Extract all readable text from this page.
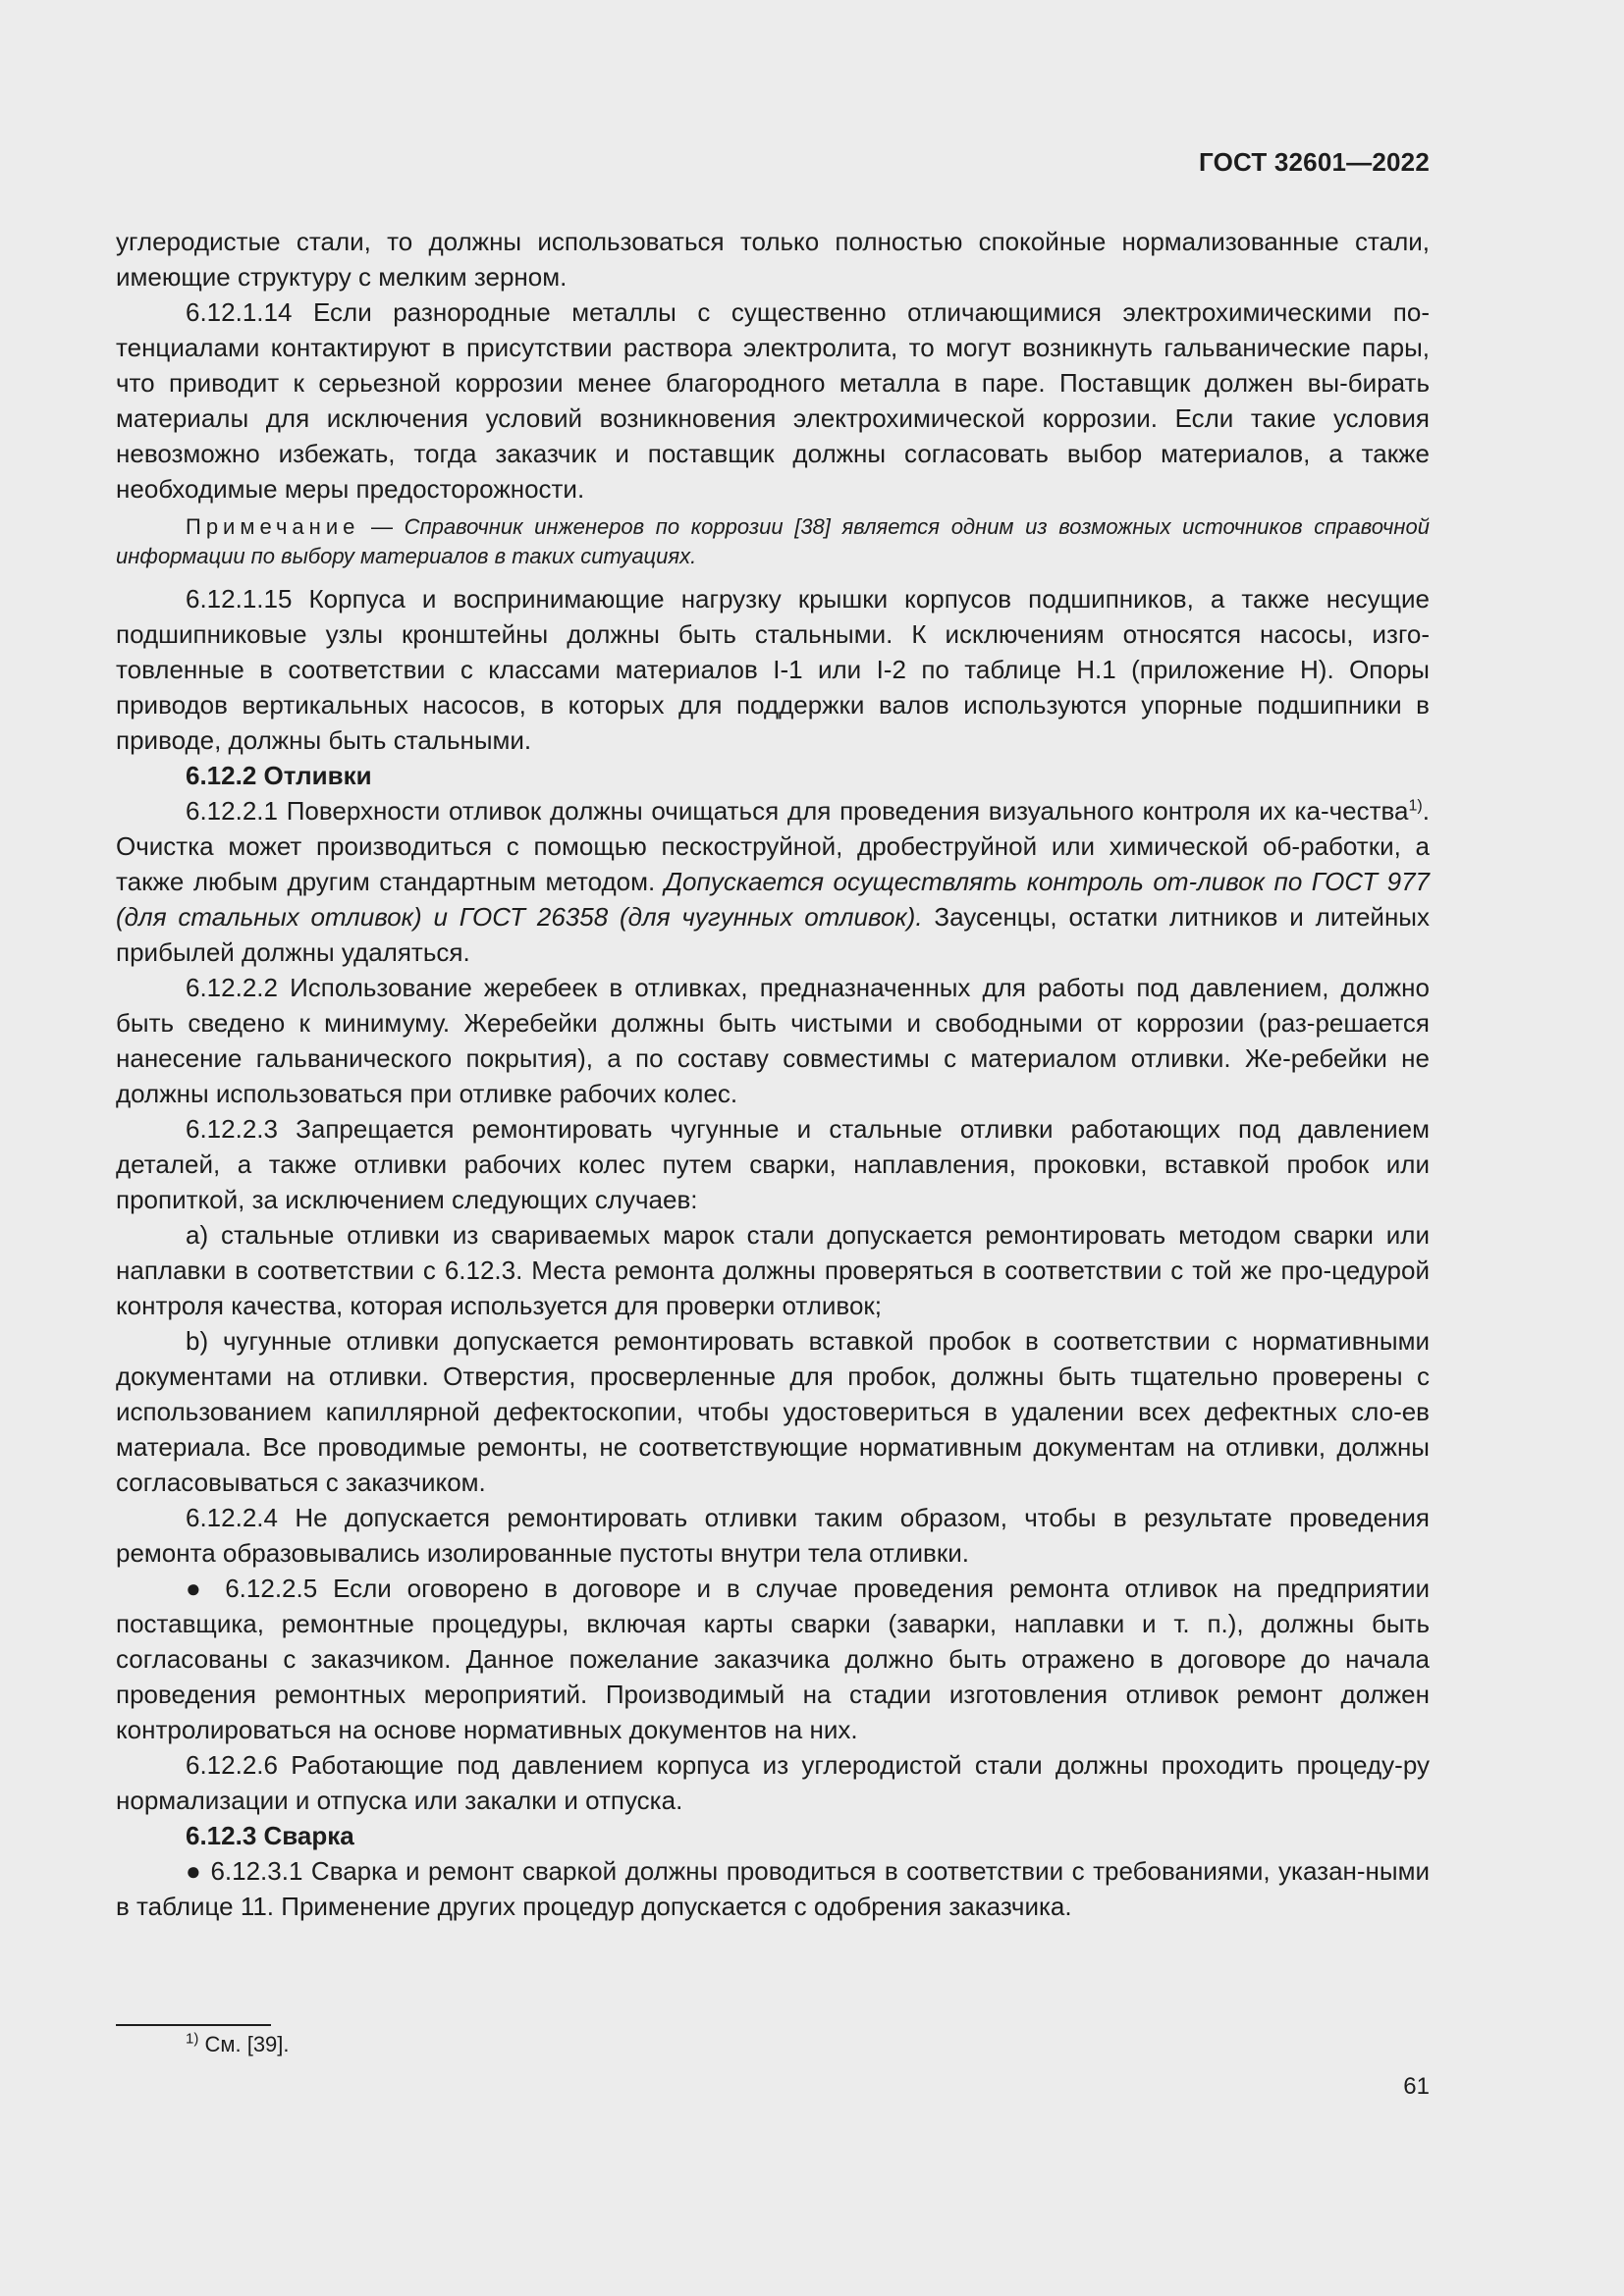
ГОСТ 32601—2022

углеродистые стали, то должны использоваться только полностью спокойные нормализованные стали, имеющие структуру с мелким зерном.

6.12.1.14 Если разнородные металлы с существенно отличающимися электрохимическими по-тенциалами контактируют в присутствии раствора электролита, то могут возникнуть гальванические пары, что приводит к серьезной коррозии менее благородного металла в паре. Поставщик должен вы-бирать материалы для исключения условий возникновения электрохимической коррозии. Если такие условия невозможно избежать, тогда заказчик и поставщик должны согласовать выбор материалов, а также необходимые меры предосторожности.

Примечание — Справочник инженеров по коррозии [38] является одним из возможных источников справочной информации по выбору материалов в таких ситуациях.

6.12.1.15 Корпуса и воспринимающие нагрузку крышки корпусов подшипников, а также несущие подшипниковые узлы кронштейны должны быть стальными. К исключениям относятся насосы, изго-товленные в соответствии с классами материалов I-1 или I-2 по таблице Н.1 (приложение Н). Опоры приводов вертикальных насосов, в которых для поддержки валов используются упорные подшипники в приводе, должны быть стальными.

6.12.2 Отливки

6.12.2.1 Поверхности отливок должны очищаться для проведения визуального контроля их ка-чества$^{1)}$. Очистка может производиться с помощью пескоструйной, дробеструйной или химической об-работки, а также любым другим стандартным методом. Допускается осуществлять контроль от-ливок по ГОСТ 977 (для стальных отливок) и ГОСТ 26358 (для чугунных отливок). Заусенцы, остатки литников и литейных прибылей должны удаляться.

6.12.2.2 Использование жеребеек в отливках, предназначенных для работы под давлением, должно быть сведено к минимуму. Жеребейки должны быть чистыми и свободными от коррозии (раз-решается нанесение гальванического покрытия), а по составу совместимы с материалом отливки. Же-ребейки не должны использоваться при отливке рабочих колес.

6.12.2.3 Запрещается ремонтировать чугунные и стальные отливки работающих под давлением деталей, а также отливки рабочих колес путем сварки, наплавления, проковки, вставкой пробок или пропиткой, за исключением следующих случаев:

a) стальные отливки из свариваемых марок стали допускается ремонтировать методом сварки или наплавки в соответствии с 6.12.3. Места ремонта должны проверяться в соответствии с той же про-цедурой контроля качества, которая используется для проверки отливок;

b) чугунные отливки допускается ремонтировать вставкой пробок в соответствии с нормативными документами на отливки. Отверстия, просверленные для пробок, должны быть тщательно проверены с использованием капиллярной дефектоскопии, чтобы удостовериться в удалении всех дефектных сло-ев материала. Все проводимые ремонты, не соответствующие нормативным документам на отливки, должны согласовываться с заказчиком.

6.12.2.4 Не допускается ремонтировать отливки таким образом, чтобы в результате проведения ремонта образовывались изолированные пустоты внутри тела отливки.

● 6.12.2.5 Если оговорено в договоре и в случае проведения ремонта отливок на предприятии поставщика, ремонтные процедуры, включая карты сварки (заварки, наплавки и т. п.), должны быть согласованы с заказчиком. Данное пожелание заказчика должно быть отражено в договоре до начала проведения ремонтных мероприятий. Производимый на стадии изготовления отливок ремонт должен контролироваться на основе нормативных документов на них.

6.12.2.6 Работающие под давлением корпуса из углеродистой стали должны проходить процеду-ру нормализации и отпуска или закалки и отпуска.

6.12.3 Сварка

● 6.12.3.1 Сварка и ремонт сваркой должны проводиться в соответствии с требованиями, указан-ными в таблице 11. Применение других процедур допускается с одобрения заказчика.

$^{1)}$ См. [39].
61
